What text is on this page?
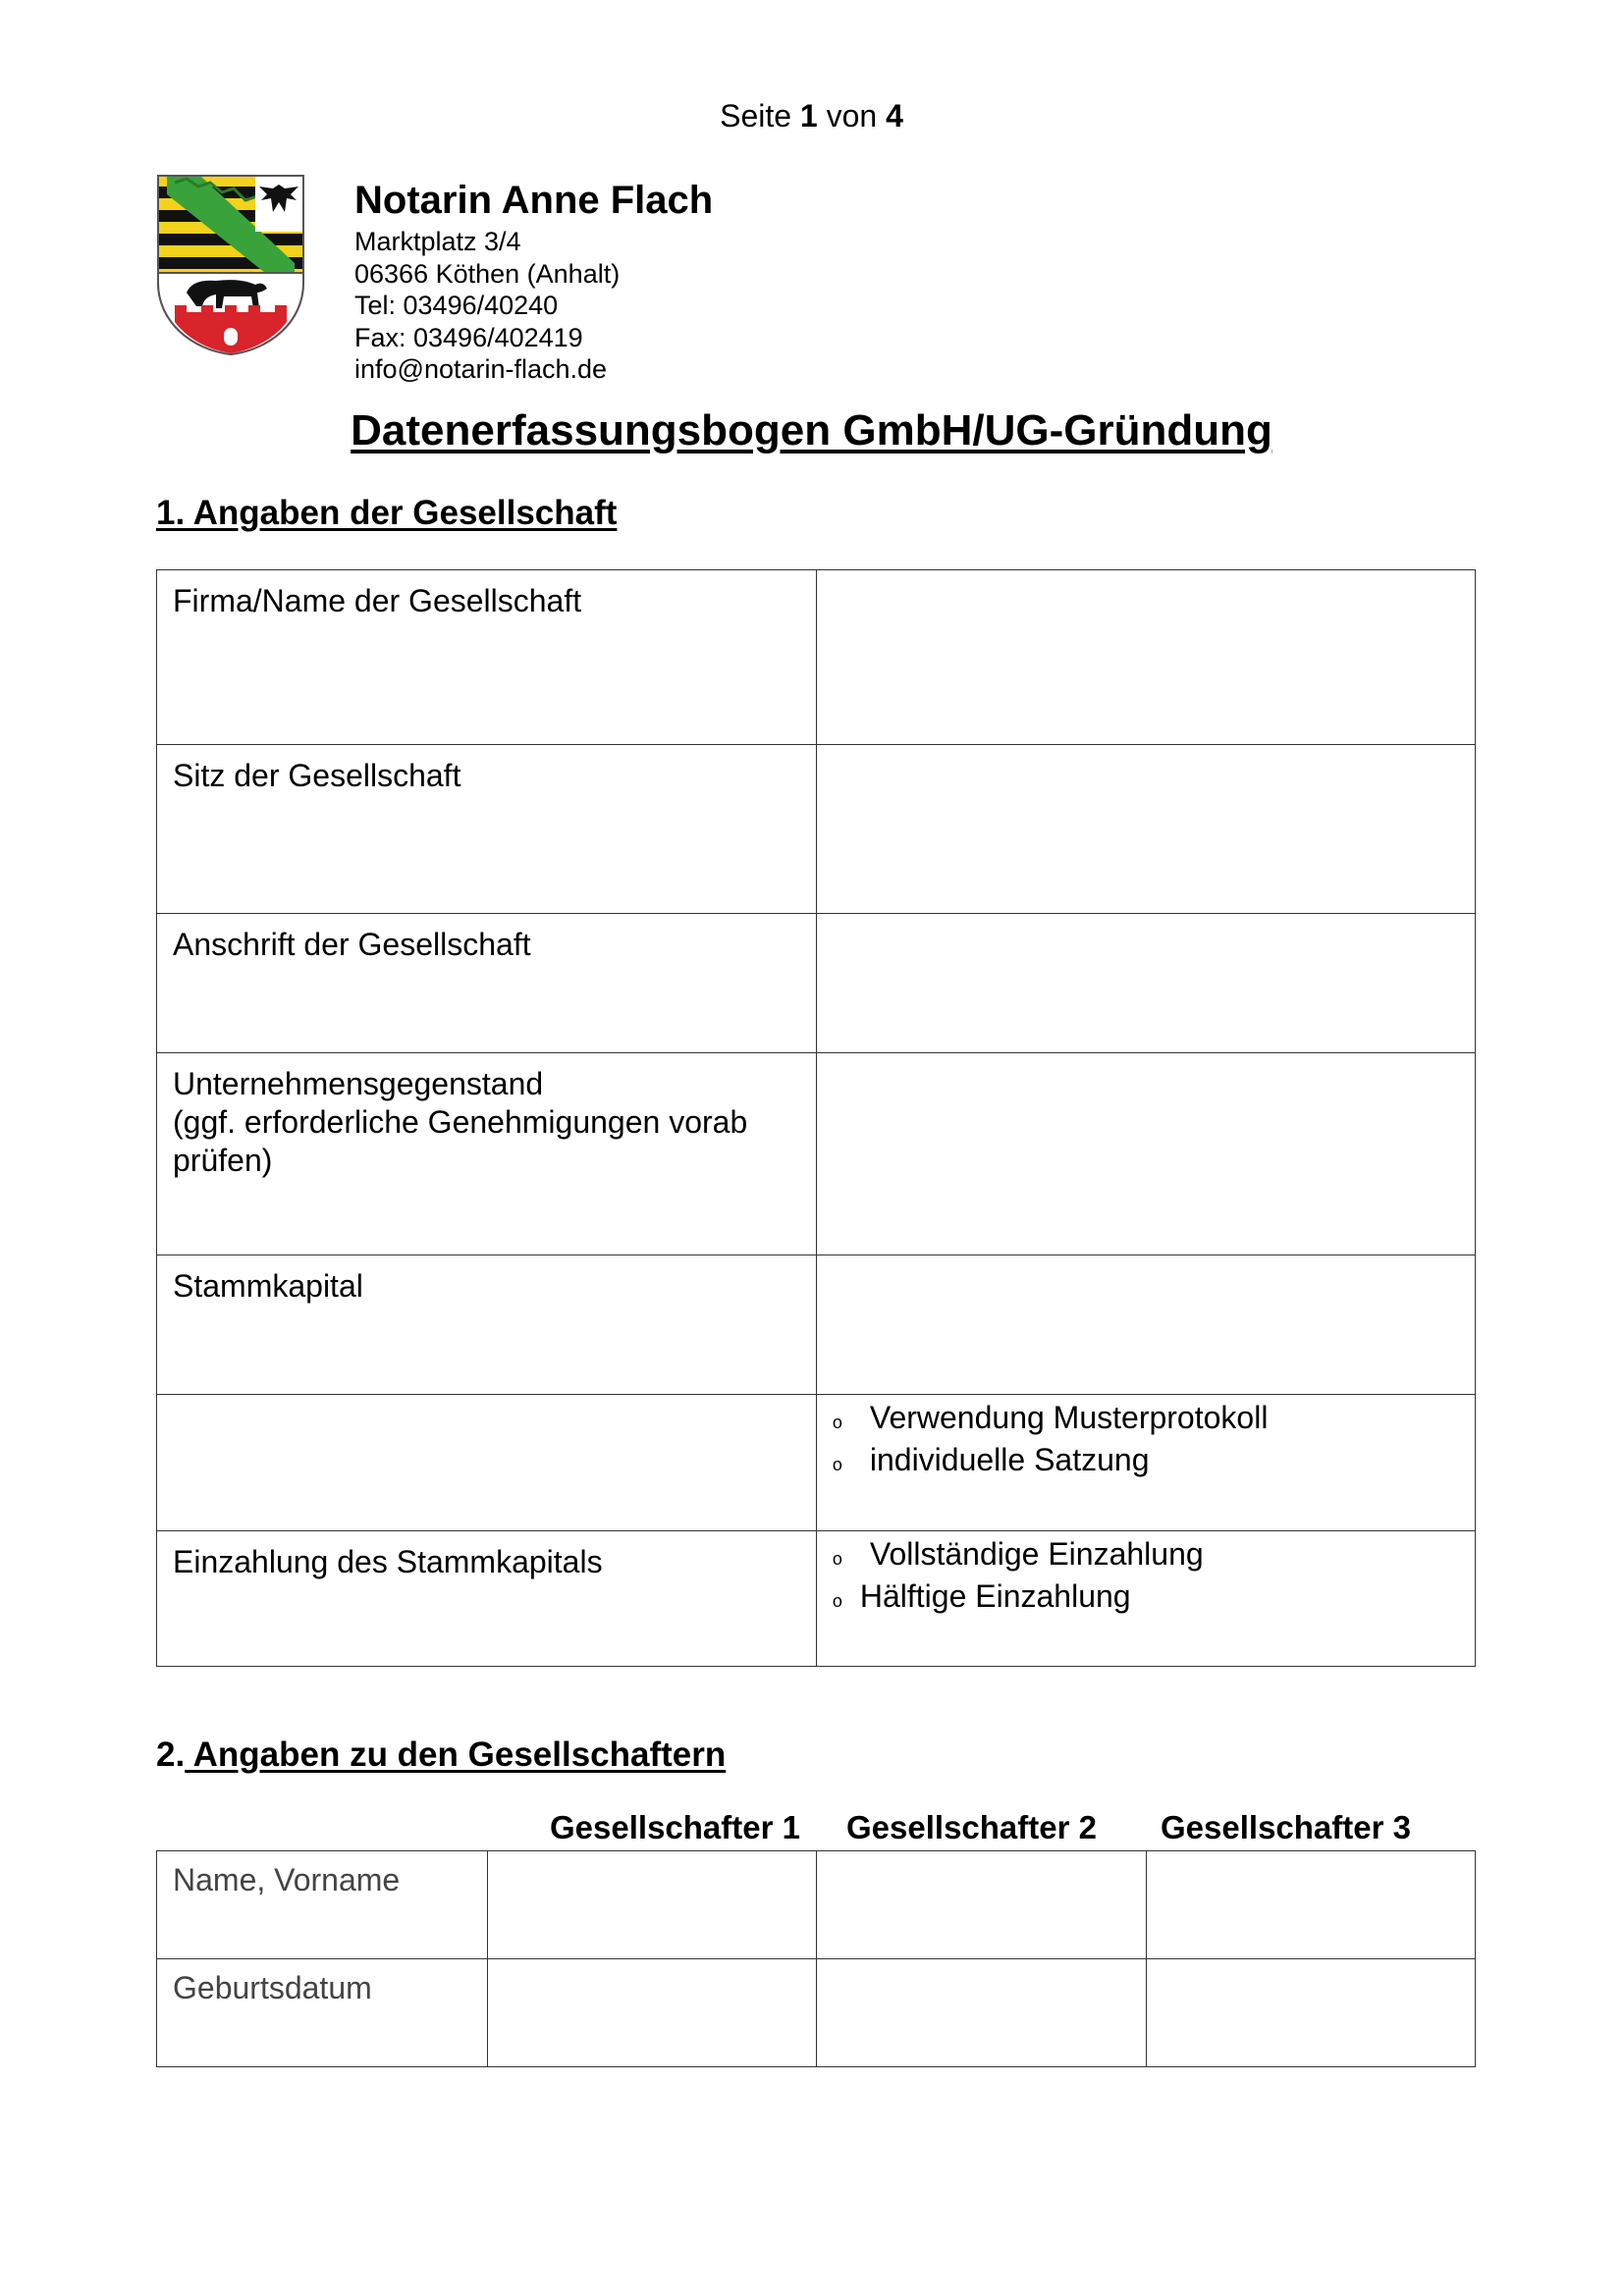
Seite 1 von 4
Notarin Anne Flach
Marktplatz 3/4
06366 Köthen (Anhalt)
Tel: 03496/40240
Fax: 03496/402419
info@notarin-flach.de
Datenerfassungsbogen GmbH/UG-Gründung
1. Angaben der Gesellschaft
Firma/Name der Gesellschaft	

Sitz der Gesellschaft	

Anschrift der Gesellschaft	

Unternehmensgegenstand
(ggf. erforderliche Genehmigungen vorab
prüfen)	

Stammkapital	

	o Verwendung Musterprotokoll
o individuelle Satzung

Einzahlung des Stammkapitals	o Vollständige Einzahlung
o Hälftige Einzahlung
2. Angaben zu den Gesellschaftern
Gesellschafter 1 Gesellschafter 2 Gesellschafter 3
Name, Vorname			

Geburtsdatum			
